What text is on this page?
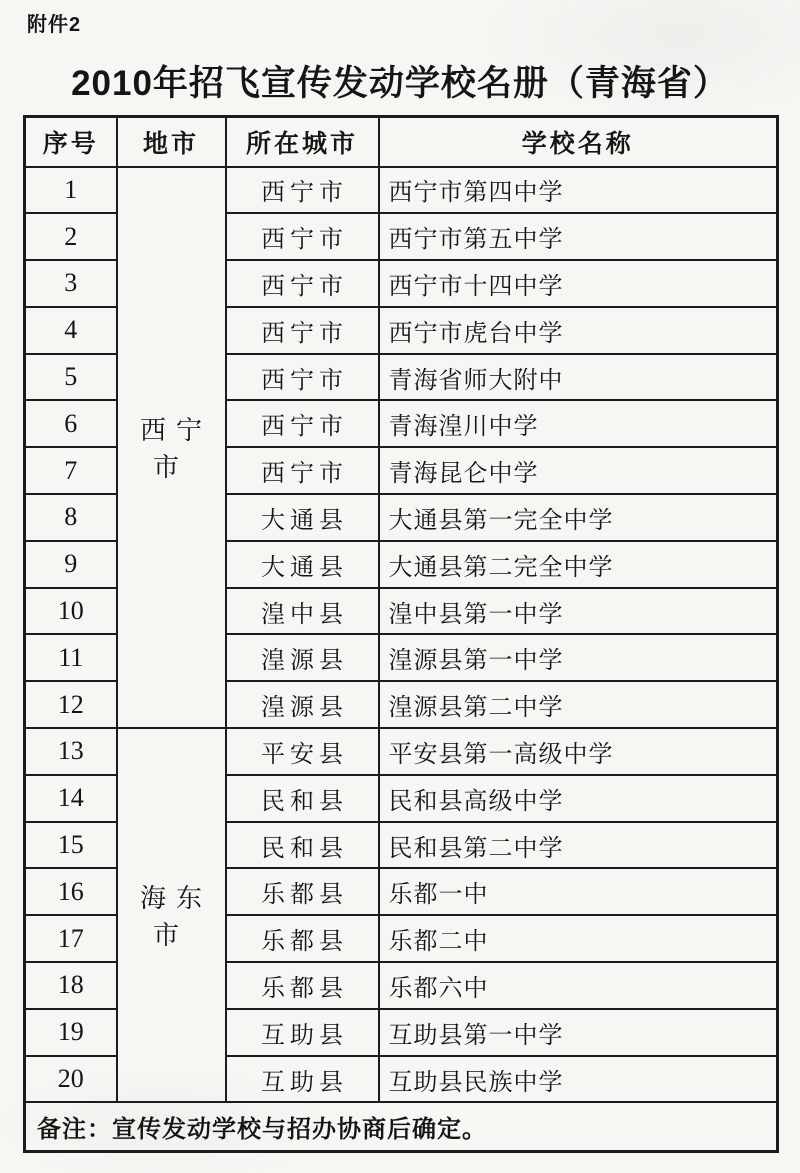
附件2
2010年招飞宣传发动学校名册（青海省）
序号	地市	所在城市	学校名称
1	西宁市	西宁市	西宁市第四中学
2		西宁市	西宁市第五中学
3		西宁市	西宁市十四中学
4		西宁市	西宁市虎台中学
5		西宁市	青海省师大附中
6		西宁市	青海湟川中学
7		西宁市	青海昆仑中学
8		大通县	大通县第一完全中学
9		大通县	大通县第二完全中学
10		湟中县	湟中县第一中学
11		湟源县	湟源县第一中学
12		湟源县	湟源县第二中学
13	海东市	平安县	平安县第一高级中学
14		民和县	民和县高级中学
15		民和县	民和县第二中学
16		乐都县	乐都一中
17		乐都县	乐都二中
18		乐都县	乐都六中
19		互助县	互助县第一中学
20		互助县	互助县民族中学
备注：宣传发动学校与招办协商后确定。			
